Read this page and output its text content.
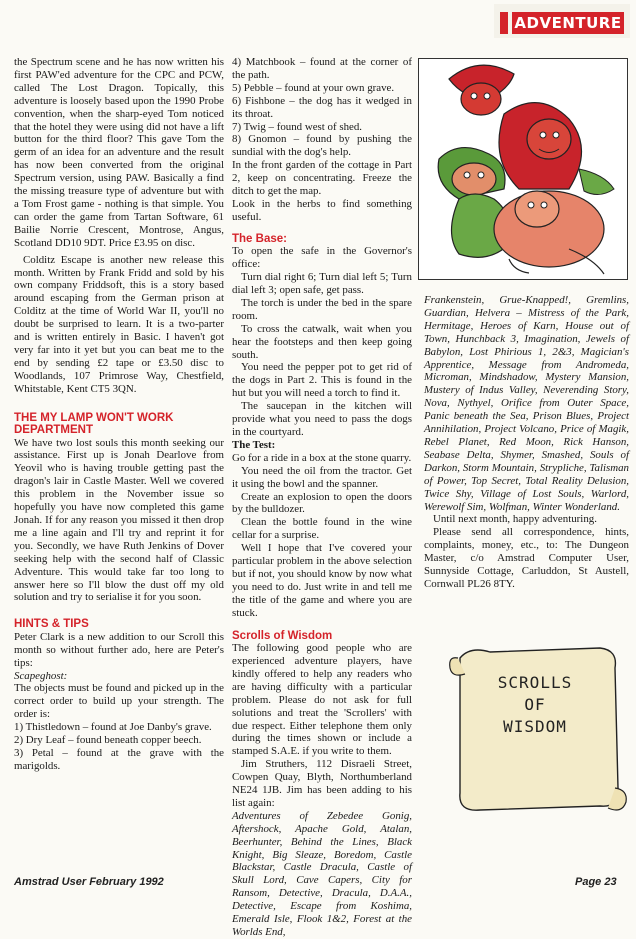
ADVENTURE

the Spectrum scene and he has now written his first PAW'ed adventure for the CPC and PCW, called The Lost Dragon. Topically, this adventure is loosely based upon the 1990 Probe convention, when the sharp-eyed Tom noticed that the hotel they were using did not have a lift button for the third floor? This gave Tom the germ of an idea for an adventure and the result has now been converted from the original Spectrum version, using PAW. Basically a find the missing treasure type of adventure but with a Tom Frost game - nothing is that simple. You can order the game from Tartan Software, 61 Bailie Norrie Crescent, Montrose, Angus, Scotland DD10 9DT. Price £3.95 on disc.

Colditz Escape is another new release this month. Written by Frank Fridd and sold by his own company Friddsoft, this is a story based around escaping from the German prison at Colditz at the time of World War II, you'll no doubt be surprised to learn. It is a two-parter and is written entirely in Basic. I haven't got very far into it yet but you can beat me to the end by sending £2 tape or £3.50 disc to Woodlands, 107 Primrose Way, Chestfield, Whitstable, Kent CT5 3QN.

THE MY LAMP WON'T WORK DEPARTMENT

We have two lost souls this month seeking our assistance. First up is Jonah Dearlove from Yeovil who is having trouble getting past the dragon's lair in Castle Master. Well we covered this problem in the November issue so hopefully you have now completed this game Jonah. If for any reason you missed it then drop me a line again and I'll try and reprint it for you. Secondly, we have Ruth Jenkins of Dover seeking help with the second half of Classic Adventure. This would take far too long to answer here so I'll blow the dust off my old solution and try to serialise it for you soon.

HINTS & TIPS

Peter Clark is a new addition to our Scroll this month so without further ado, here are Peter's tips:

Scapeghost:

The objects must be found and picked up in the correct order to build up your strength. The order is:

1) Thistledown – found at Joe Danby's grave.

2) Dry Leaf – found beneath copper beech.

3) Petal – found at the grave with the marigolds.

4) Matchbook – found at the corner of the path.

5) Pebble – found at your own grave.

6) Fishbone – the dog has it wedged in its throat.

7) Twig – found west of shed.

8) Gnomon – found by pushing the sundial with the dog's help.

In the front garden of the cottage in Part 2, keep on concentrating. Freeze the ditch to get the map.

Look in the herbs to find something useful.

The Base:

To open the safe in the Governor's office:

Turn dial right 6; Turn dial left 5; Turn dial left 3; open safe, get pass.

The torch is under the bed in the spare room.

To cross the catwalk, wait when you hear the footsteps and then keep going south.

You need the pepper pot to get rid of the dogs in Part 2. This is found in the hut but you will need a torch to find it.

The saucepan in the kitchen will provide what you need to pass the dogs in the courtyard.

The Test:

Go for a ride in a box at the stone quarry.

You need the oil from the tractor. Get it using the bowl and the spanner.

Create an explosion to open the doors by the bulldozer.

Clean the bottle found in the wine cellar for a surprise.

Well I hope that I've covered your particular problem in the above selection but if not, you should know by now what you need to do. Just write in and tell me the title of the game and where you are stuck.

Scrolls of Wisdom

The following good people who are experienced adventure players, have kindly offered to help any readers who are having difficulty with a particular problem. Please do not ask for full solutions and treat the 'Scrollers' with due respect. Either telephone them only during the times shown or include a stamped S.A.E. if you write to them.

Jim Struthers, 112 Disraeli Street, Cowpen Quay, Blyth, Northumberland NE24 1JB. Jim has been adding to his list again:

Adventures of Zebedee Gonig, Aftershock, Apache Gold, Atalan, Beerhunter, Behind the Lines, Black Knight, Big Sleaze, Boredom, Castle Blackstar, Castle Dracula, Castle of Skull Lord, Cave Capers, City for Ransom, Detective, Dracula, D.A.A., Detective, Escape from Koshima, Emerald Isle, Flook 1&2, Forest at the Worlds End,

Frankenstein, Grue-Knapped!, Gremlins, Guardian, Helvera – Mistress of the Park, Hermitage, Heroes of Karn, House out of Town, Hunchback 3, Imagination, Jewels of Babylon, Lost Phirious 1, 2&3, Magician's Apprentice, Message from Andromeda, Microman, Mindshadow, Mystery Mansion, Mustery of Indus Valley, Neverending Story, Nova, Nythyel, Orifice from Outer Space, Panic beneath the Sea, Prison Blues, Project Annihilation, Project Volcano, Price of Magik, Rebel Planet, Red Moon, Rick Hanson, Seabase Delta, Shymer, Smashed, Souls of Darkon, Storm Mountain, Strypliche, Talisman of Power, Top Secret, Total Reality Delusion, Twice Shy, Village of Lost Souls, Warlord, Werewolf Sim, Wolfman, Winter Wonderland.

Until next month, happy adventuring.

Please send all correspondence, hints, complaints, money, etc., to: The Dungeon Master, c/o Amstrad Computer User, Sunnyside Cottage, Carluddon, St Austell, Cornwall PL26 8TY.

SCROLLS
OF
WISDOM
Amstrad User February 1992	Page 23
